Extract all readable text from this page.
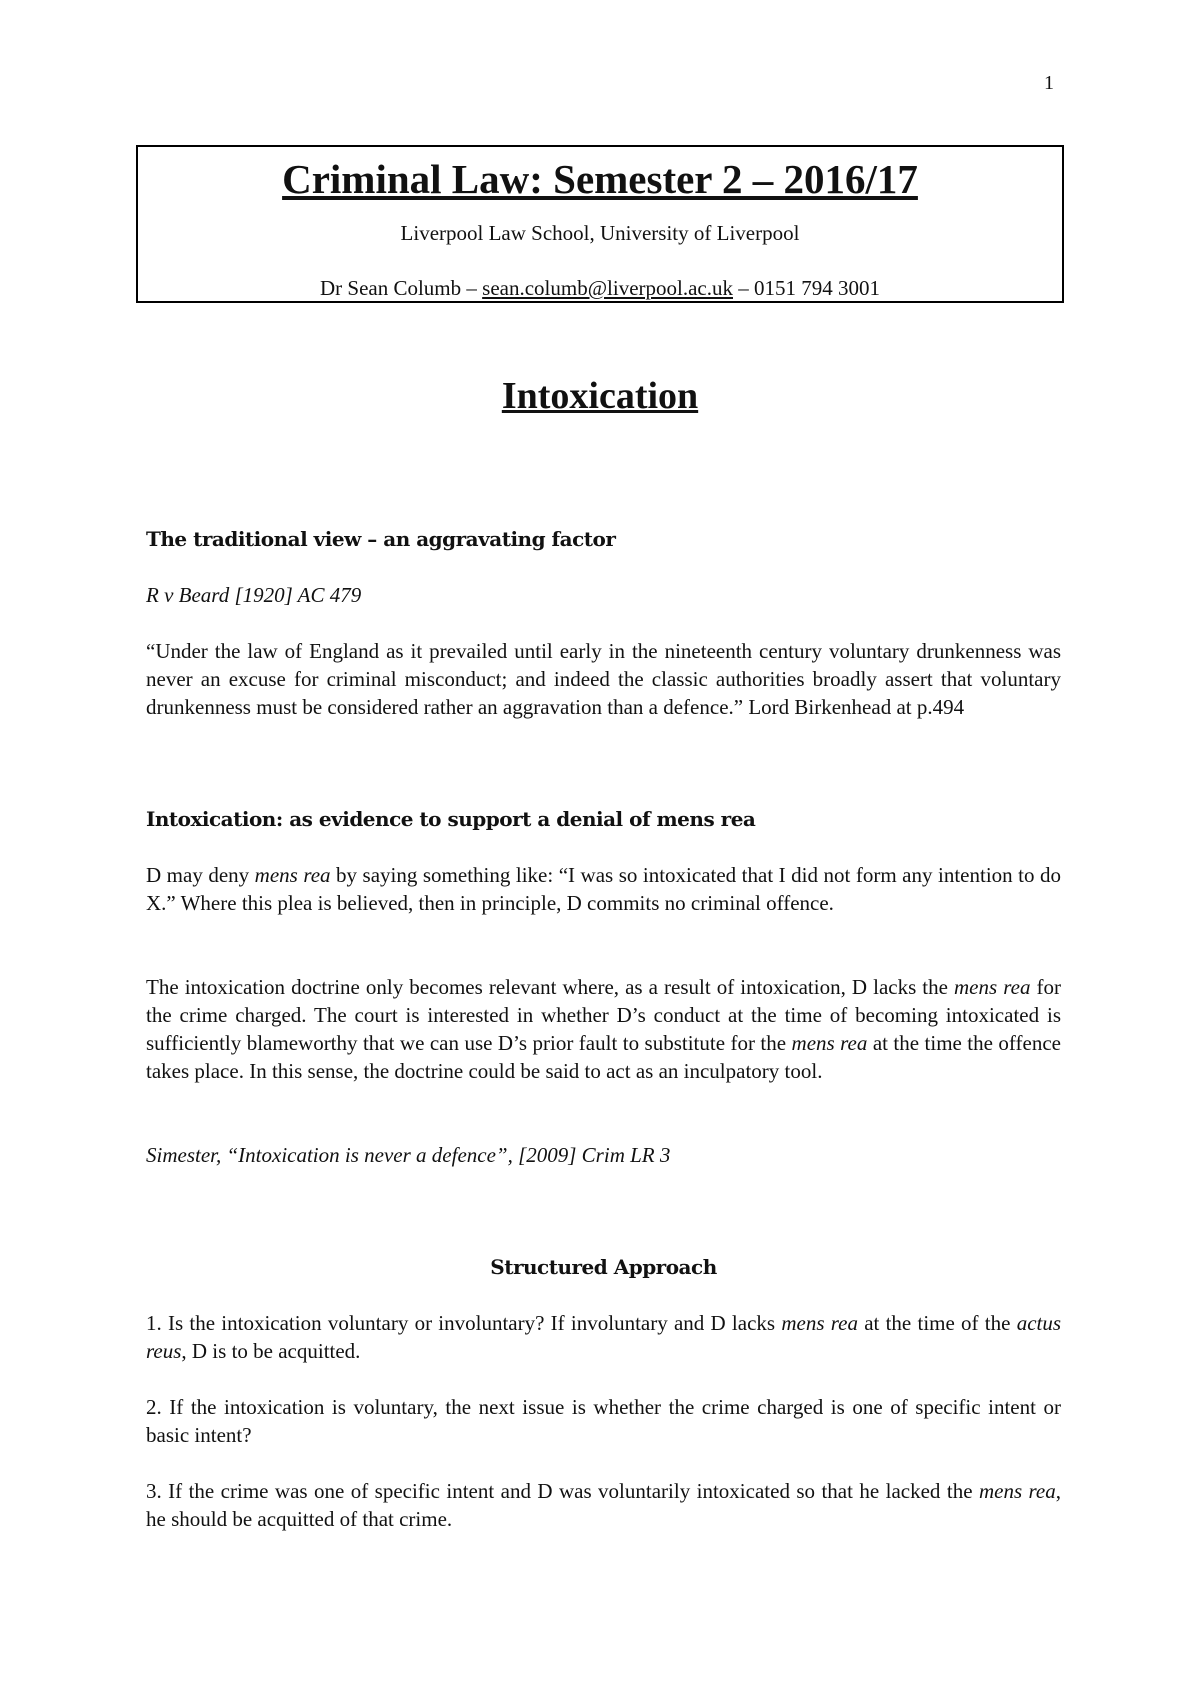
1
Criminal Law: Semester 2 – 2016/17
Liverpool Law School, University of Liverpool
Dr Sean Columb – sean.columb@liverpool.ac.uk – 0151 794 3001
Intoxication
The traditional view – an aggravating factor

R v Beard [1920] AC 479

“Under the law of England as it prevailed until early in the nineteenth century voluntary drunkenness was never an excuse for criminal misconduct; and indeed the classic authorities broadly assert that voluntary drunkenness must be considered rather an aggravation than a defence.” Lord Birkenhead at p.494

Intoxication: as evidence to support a denial of mens rea

D may deny mens rea by saying something like: “I was so intoxicated that I did not form any intention to do X.” Where this plea is believed, then in principle, D commits no criminal offence.

The intoxication doctrine only becomes relevant where, as a result of intoxication, D lacks the mens rea for the crime charged. The court is interested in whether D’s conduct at the time of becoming intoxicated is sufficiently blameworthy that we can use D’s prior fault to substitute for the mens rea at the time the offence takes place. In this sense, the doctrine could be said to act as an inculpatory tool.

Simester, “Intoxication is never a defence”, [2009] Crim LR 3

Structured Approach

1. Is the intoxication voluntary or involuntary? If involuntary and D lacks mens rea at the time of the actus reus, D is to be acquitted.

2. If the intoxication is voluntary, the next issue is whether the crime charged is one of specific intent or basic intent?

3. If the crime was one of specific intent and D was voluntarily intoxicated so that he lacked the mens rea, he should be acquitted of that crime.
